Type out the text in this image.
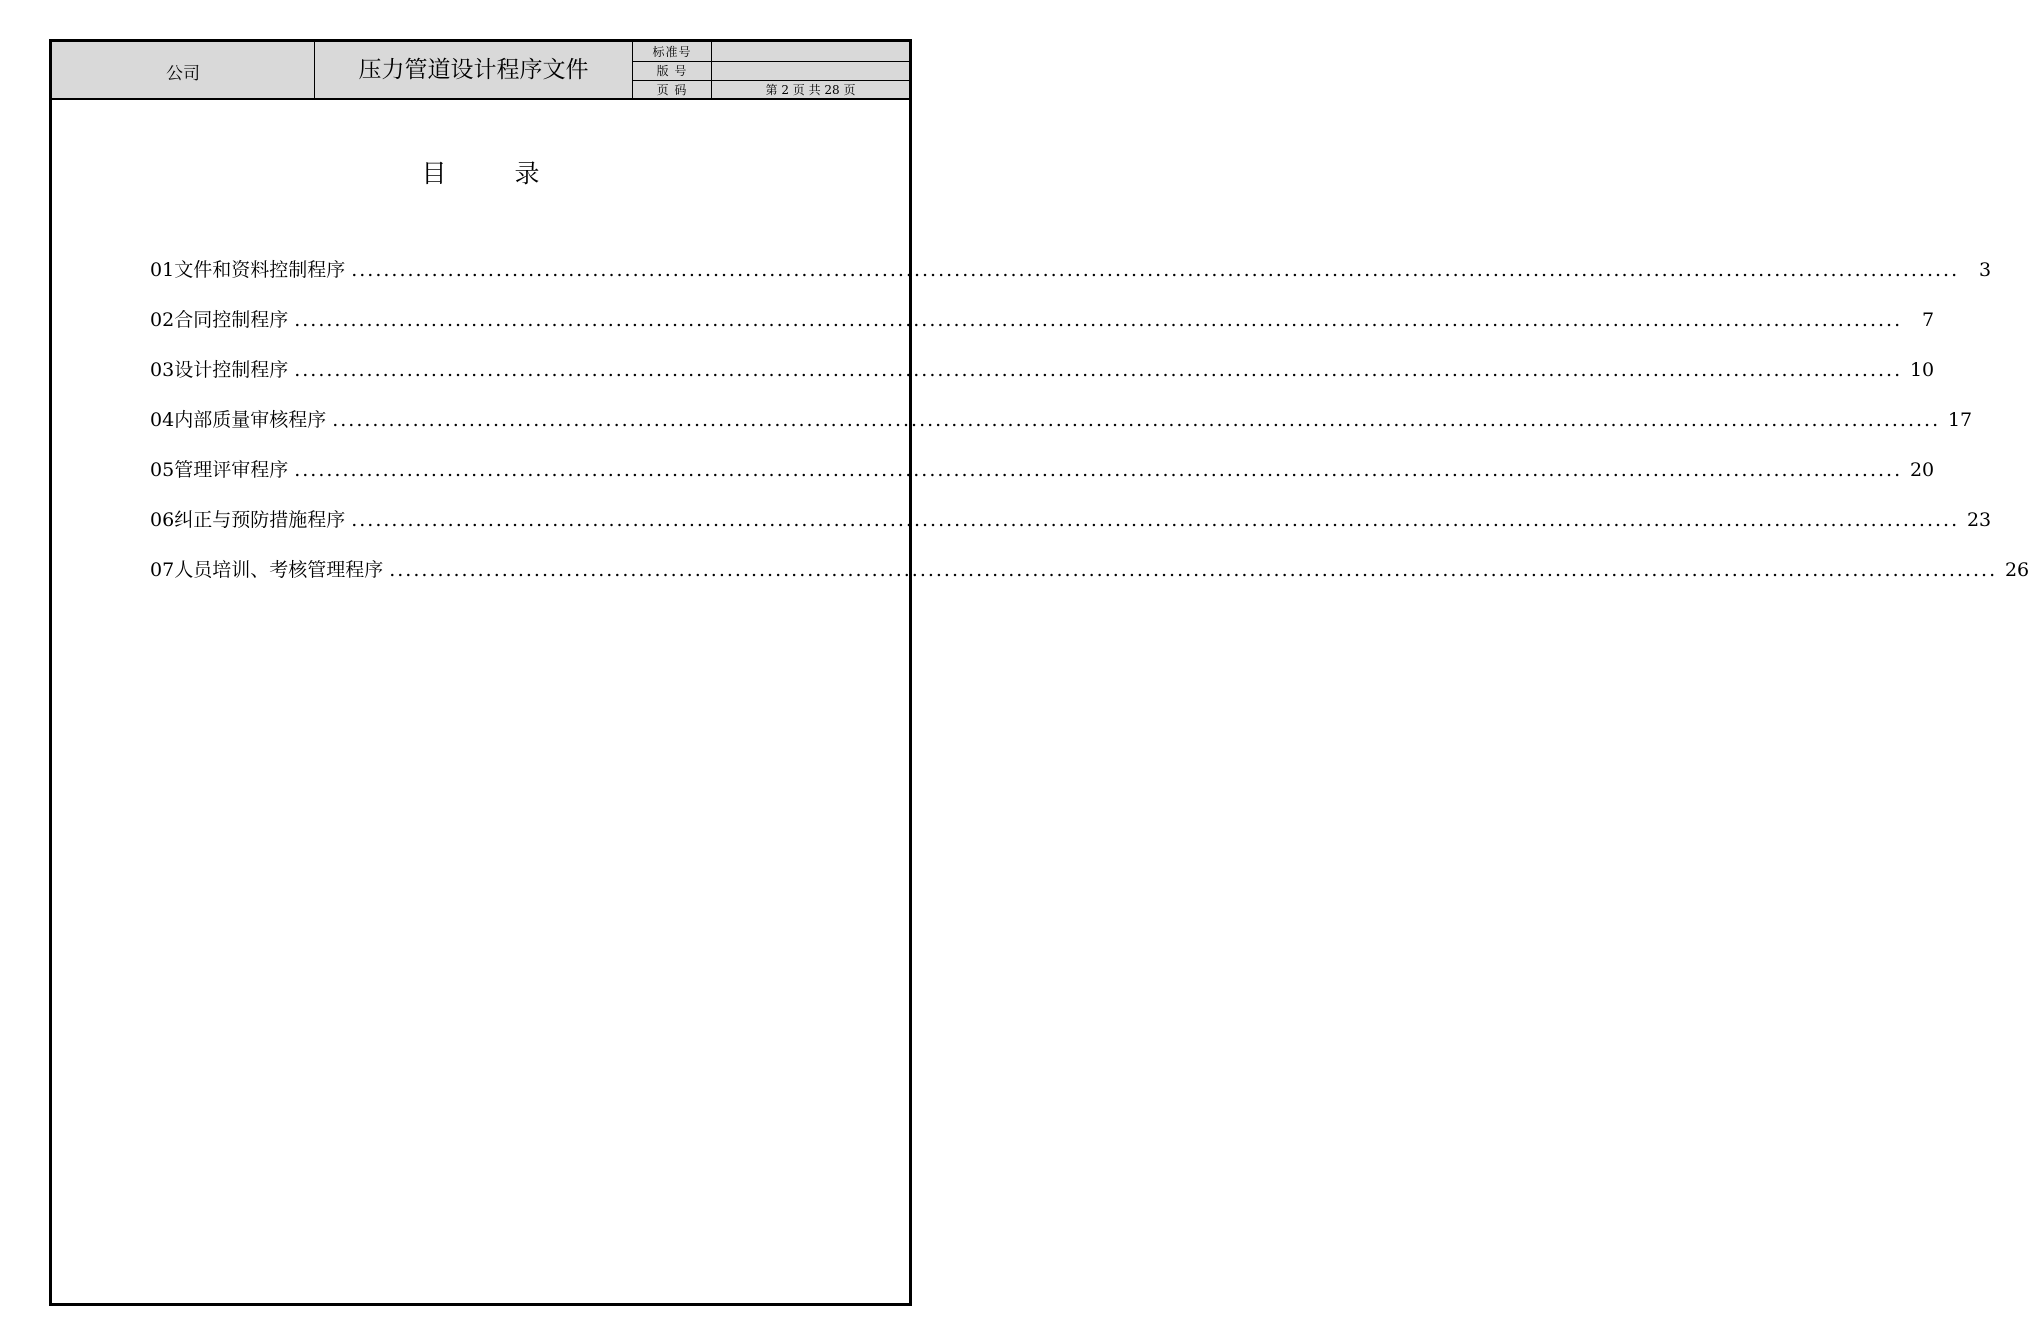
公司	压力管道设计程序文件
标准号
版 号
页 码	第 2 页 共 28 页
目录
01 文件和资料控制程序 ........................................................................................................................................................................................................	3
02 合同控制程序 ........................................................................................................................................................................................................	7
03 设计控制程序 ........................................................................................................................................................................................................ 10
04 内部质量审核程序 ........................................................................................................................................................................................................ 17
05 管理评审程序 ........................................................................................................................................................................................................ 20
06 纠正与预防措施程序 ........................................................................................................................................................................................................ 23
07 人员培训、考核管理程序 ........................................................................................................................................................................................................ 26
